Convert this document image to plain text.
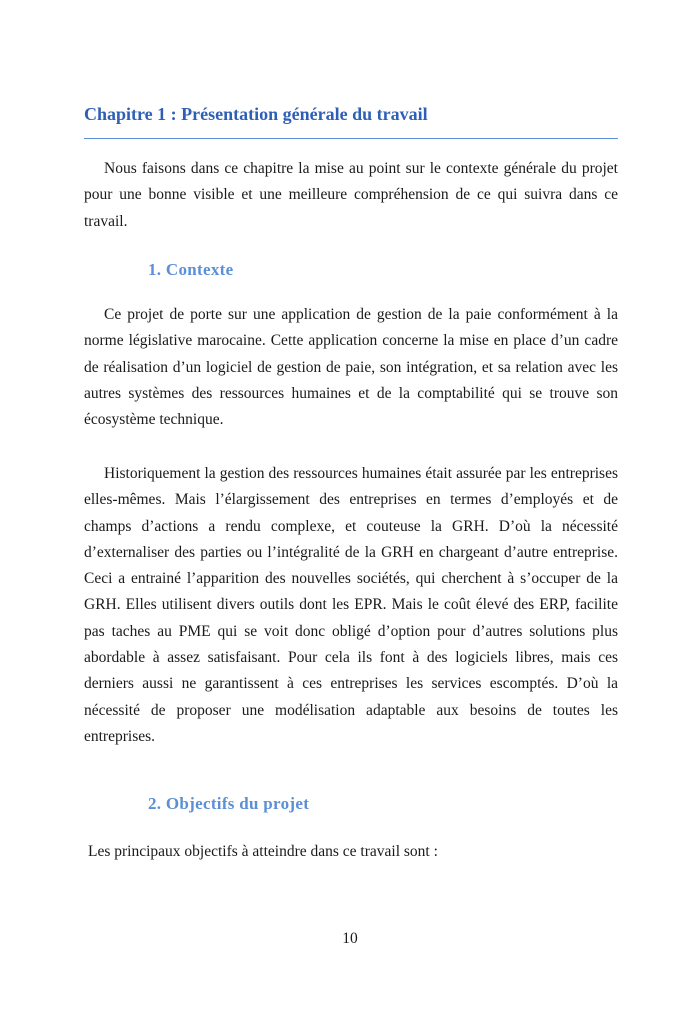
Chapitre 1 : Présentation générale du travail

Nous faisons dans ce chapitre la mise au point sur le contexte générale du projet pour une bonne visible et une meilleure compréhension de ce qui suivra dans ce travail.

1. Contexte

Ce projet de porte sur une application de gestion de la paie conformément à la norme législative marocaine. Cette application concerne la mise en place d’un cadre de réalisation d’un logiciel de gestion de paie, son intégration, et sa relation avec les autres systèmes des ressources humaines et de la comptabilité qui se trouve son écosystème technique.

Historiquement la gestion des ressources humaines était assurée par les entreprises elles-mêmes. Mais l’élargissement des entreprises en termes d’employés et de champs d’actions a rendu complexe, et couteuse la GRH. D’où la nécessité d’externaliser des parties ou l’intégralité de la GRH en chargeant d’autre entreprise. Ceci a entrainé l’apparition des nouvelles sociétés, qui cherchent à s’occuper de la GRH. Elles utilisent divers outils dont les EPR. Mais le coût élevé des ERP, facilite pas taches au PME qui se voit donc obligé d’option pour d’autres solutions plus abordable à assez satisfaisant. Pour cela ils font à des logiciels libres, mais ces derniers aussi ne garantissent à ces entreprises les services escomptés. D’où la nécessité de proposer une modélisation adaptable aux besoins de toutes les entreprises.

2. Objectifs du projet

Les principaux objectifs à atteindre dans ce travail sont :

10
